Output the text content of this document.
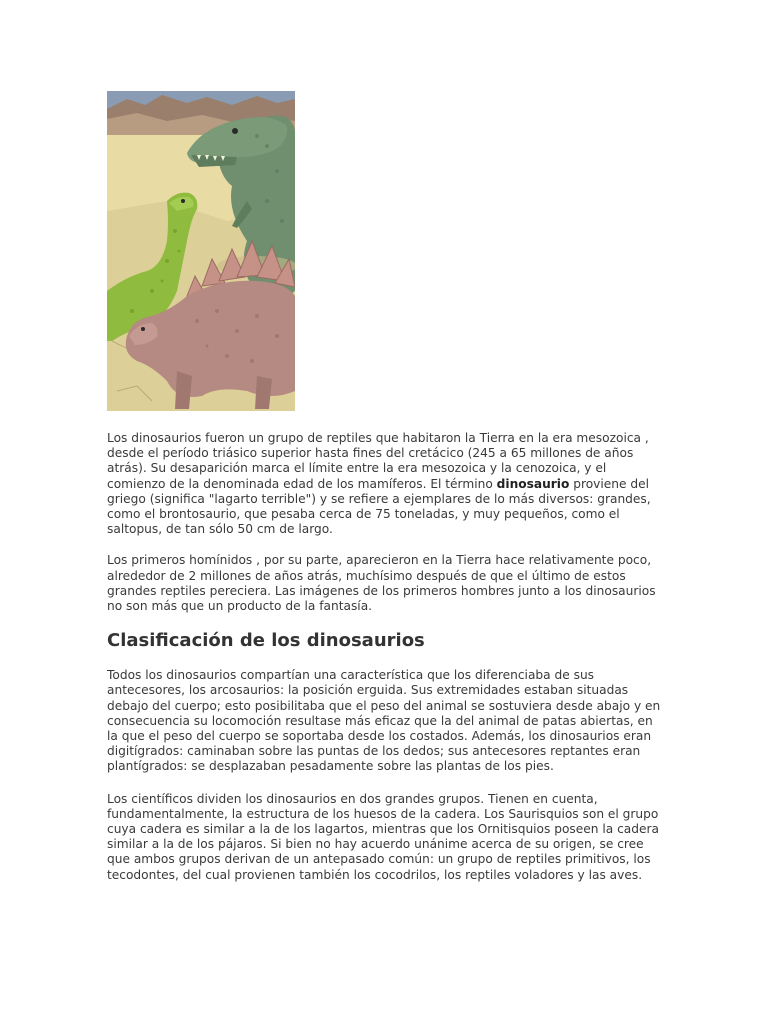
Los dinosaurios fueron un grupo de reptiles que habitaron la Tierra en la era mesozoica , desde el período triásico superior hasta fines del cretácico (245 a 65 millones de años atrás). Su desaparición marca el límite entre la era mesozoica y la cenozoica, y el comienzo de la denominada edad de los mamíferos. El término dinosaurio proviene del griego (significa "lagarto terrible") y se refiere a ejemplares de lo más diversos: grandes, como el brontosaurio, que pesaba cerca de 75 toneladas, y muy pequeños, como el saltopus, de tan sólo 50 cm de largo.

Los primeros homínidos , por su parte, aparecieron en la Tierra hace relativamente poco, alrededor de 2 millones de años atrás, muchísimo después de que el último de estos grandes reptiles pereciera. Las imágenes de los primeros hombres junto a los dinosaurios no son más que un producto de la fantasía.

Clasificación de los dinosaurios

Todos los dinosaurios compartían una característica que los diferenciaba de sus antecesores, los arcosaurios: la posición erguida. Sus extremidades estaban situadas debajo del cuerpo; esto posibilitaba que el peso del animal se sostuviera desde abajo y en consecuencia su locomoción resultase más eficaz que la del animal de patas abiertas, en la que el peso del cuerpo se soportaba desde los costados. Además, los dinosaurios eran digitígrados: caminaban sobre las puntas de los dedos; sus antecesores reptantes eran plantígrados: se desplazaban pesadamente sobre las plantas de los pies.

Los científicos dividen los dinosaurios en dos grandes grupos. Tienen en cuenta, fundamentalmente, la estructura de los huesos de la cadera. Los Saurisquios son el grupo cuya cadera es similar a la de los lagartos, mientras que los Ornitisquios poseen la cadera similar a la de los pájaros. Si bien no hay acuerdo unánime acerca de su origen, se cree que ambos grupos derivan de un antepasado común: un grupo de reptiles primitivos, los tecodontes, del cual provienen también los cocodrilos, los reptiles voladores y las aves.
